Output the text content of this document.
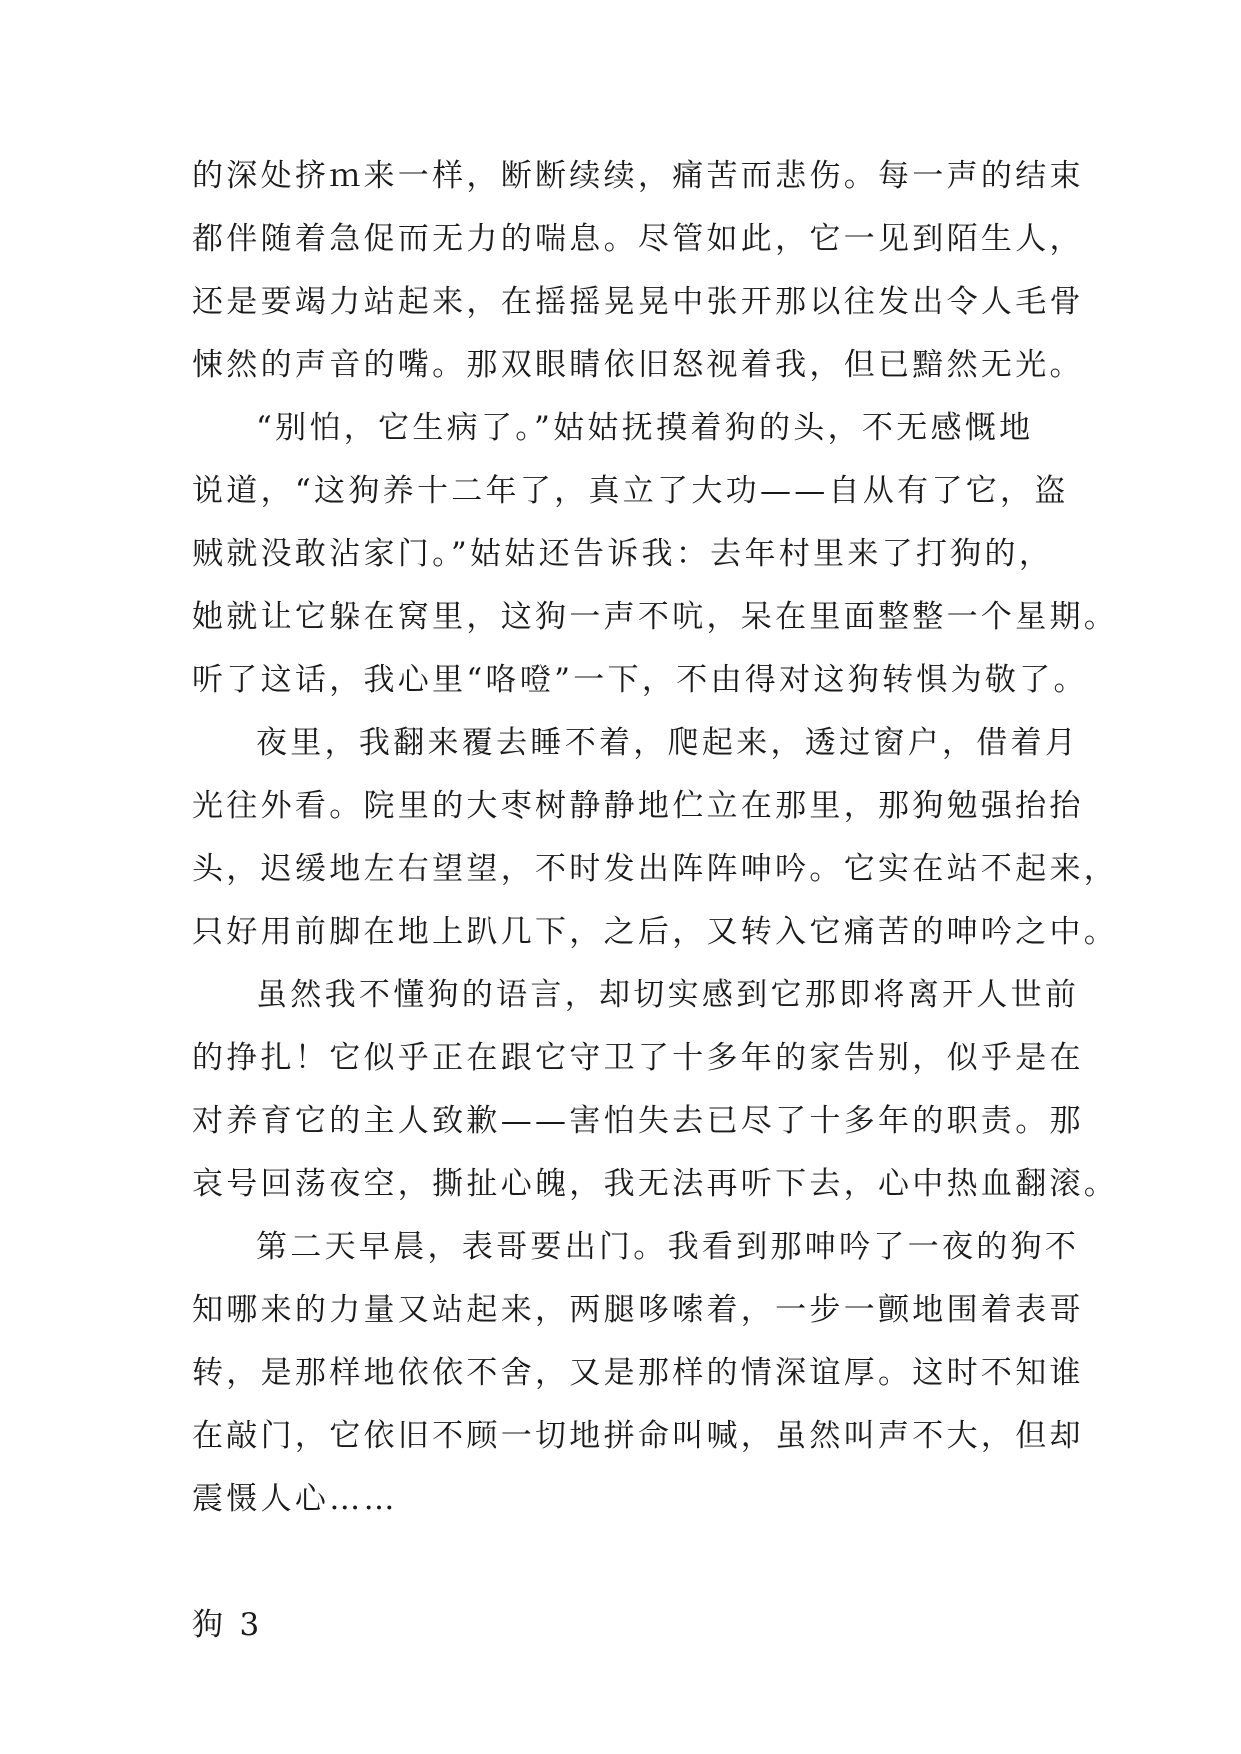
的深处挤ｍ来一样，断断续续，痛苦而悲伤。每一声的结束
都伴随着急促而无力的喘息。尽管如此，它一见到陌生人，
还是要竭力站起来，在摇摇晃晃中张开那以往发出令人毛骨
悚然的声音的嘴。那双眼睛依旧怒视着我，但已黯然无光。
“别怕，它生病了。”姑姑抚摸着狗的头，不无感慨地
说道，“这狗养十二年了，真立了大功——自从有了它，盗
贼就没敢沾家门。”姑姑还告诉我：去年村里来了打狗的，
她就让它躲在窝里，这狗一声不吭，呆在里面整整一个星期。
听了这话，我心里“咯噔”一下，不由得对这狗转惧为敬了。
夜里，我翻来覆去睡不着，爬起来，透过窗户，借着月
光往外看。院里的大枣树静静地伫立在那里，那狗勉强抬抬
头，迟缓地左右望望，不时发出阵阵呻吟。它实在站不起来，
只好用前脚在地上趴几下，之后，又转入它痛苦的呻吟之中。
虽然我不懂狗的语言，却切实感到它那即将离开人世前
的挣扎！它似乎正在跟它守卫了十多年的家告别，似乎是在
对养育它的主人致歉——害怕失去已尽了十多年的职责。那
哀号回荡夜空，撕扯心魄，我无法再听下去，心中热血翻滚。
第二天早晨，表哥要出门。我看到那呻吟了一夜的狗不
知哪来的力量又站起来，两腿哆嗦着，一步一颤地围着表哥
转，是那样地依依不舍，又是那样的情深谊厚。这时不知谁
在敲门，它依旧不顾一切地拼命叫喊，虽然叫声不大，但却
震慑人心……
狗 3
